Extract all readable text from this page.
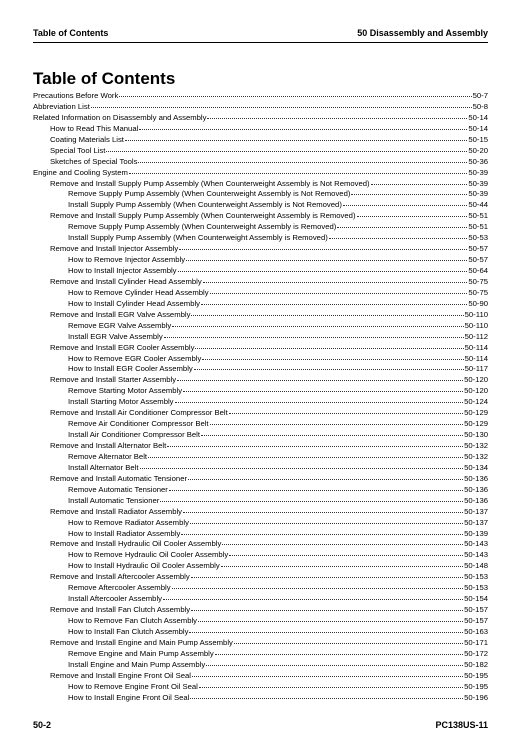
Table of Contents	50 Disassembly and Assembly
Table of Contents
Precautions Before Work	50-7
Abbreviation List	50-8
Related Information on Disassembly and Assembly	50-14
How to Read This Manual	50-14
Coating Materials List	50-15
Special Tool List	50-20
Sketches of Special Tools	50-36
Engine and Cooling System	50-39
Remove and Install Supply Pump Assembly (When Counterweight Assembly is Not Removed)	50-39
Remove Supply Pump Assembly (When Counterweight Assembly is Not Removed)	50-39
Install Supply Pump Assembly (When Counterweight Assembly is Not Removed)	50-44
Remove and Install Supply Pump Assembly (When Counterweight Assembly is Removed)	50-51
Remove Supply Pump Assembly (When Counterweight Assembly is Removed)	50-51
Install Supply Pump Assembly (When Counterweight Assembly is Removed)	50-53
Remove and Install Injector Assembly	50-57
How to Remove Injector Assembly	50-57
How to Install Injector Assembly	50-64
Remove and Install Cylinder Head Assembly	50-75
How to Remove Cylinder Head Assembly	50-75
How to Install Cylinder Head Assembly	50-90
Remove and Install EGR Valve Assembly	50-110
Remove EGR Valve Assembly	50-110
Install EGR Valve Assembly	50-112
Remove and Install EGR Cooler Assembly	50-114
How to Remove EGR Cooler Assembly	50-114
How to Install EGR Cooler Assembly	50-117
Remove and Install Starter Assembly	50-120
Remove Starting Motor Assembly	50-120
Install Starting Motor Assembly	50-124
Remove and Install Air Conditioner Compressor Belt	50-129
Remove Air Conditioner Compressor Belt	50-129
Install Air Conditioner Compressor Belt	50-130
Remove and Install Alternator Belt	50-132
Remove Alternator Belt	50-132
Install Alternator Belt	50-134
Remove and Install Automatic Tensioner	50-136
Remove Automatic Tensioner	50-136
Install Automatic Tensioner	50-136
Remove and Install Radiator Assembly	50-137
How to Remove Radiator Assembly	50-137
How to Install Radiator Assembly	50-139
Remove and Install Hydraulic Oil Cooler Assembly	50-143
How to Remove Hydraulic Oil Cooler Assembly	50-143
How to Install Hydraulic Oil Cooler Assembly	50-148
Remove and Install Aftercooler Assembly	50-153
Remove Aftercooler Assembly	50-153
Install Aftercooler Assembly	50-154
Remove and Install Fan Clutch Assembly	50-157
How to Remove Fan Clutch Assembly	50-157
How to Install Fan Clutch Assembly	50-163
Remove and Install Engine and Main Pump Assembly	50-171
Remove Engine and Main Pump Assembly	50-172
Install Engine and Main Pump Assembly	50-182
Remove and Install Engine Front Oil Seal	50-195
How to Remove Engine Front Oil Seal	50-195
How to Install Engine Front Oil Seal	50-196
50-2	PC138US-11
